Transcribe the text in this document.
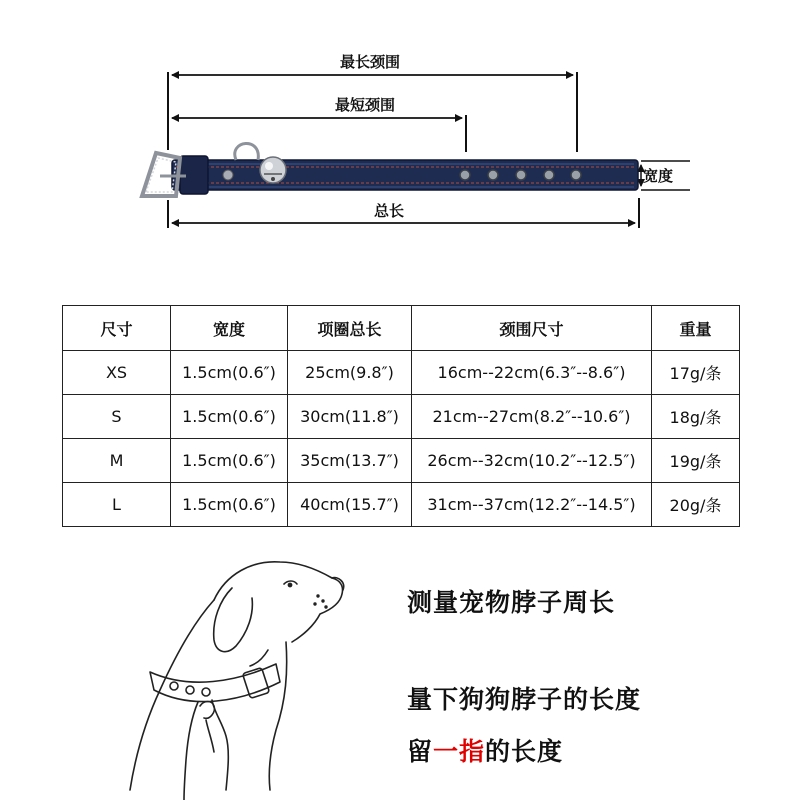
最长颈围
最短颈围
宽度
总长
尺寸	宽度	项圈总长	颈围尺寸	重量
XS	1.5cm(0.6″)	25cm(9.8″)	16cm--22cm(6.3″--8.6″)	17g/条
S	1.5cm(0.6″)	30cm(11.8″)	21cm--27cm(8.2″--10.6″)	18g/条
M	1.5cm(0.6″)	35cm(13.7″)	26cm--32cm(10.2″--12.5″)	19g/条
L	1.5cm(0.6″)	40cm(15.7″)	31cm--37cm(12.2″--14.5″)	20g/条
测量宠物脖子周长
量下狗狗脖子的长度
留一指的长度
